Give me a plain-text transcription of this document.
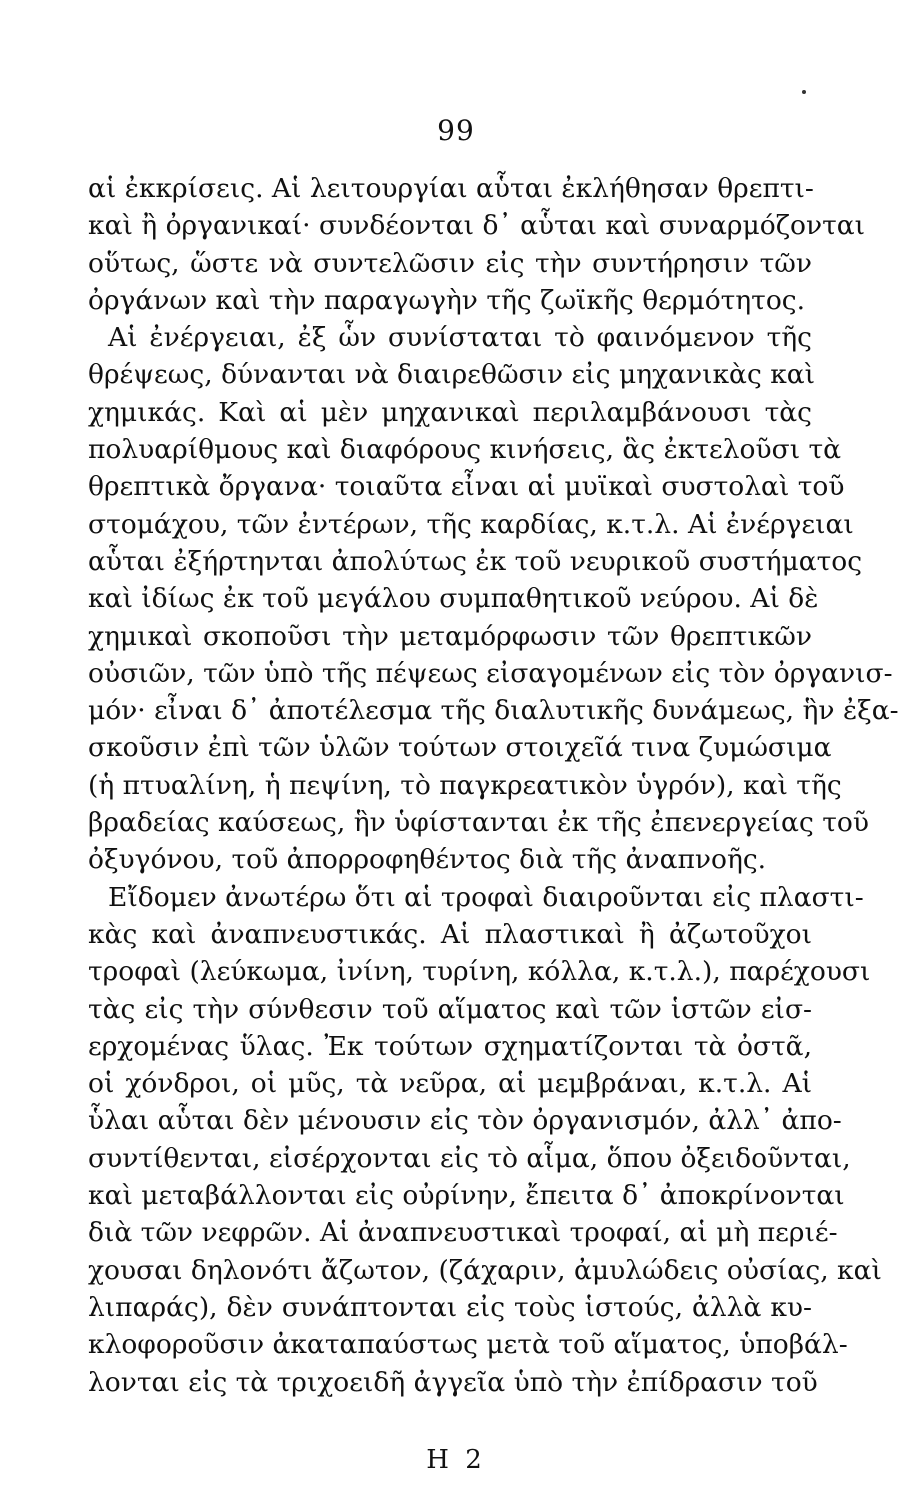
99
αἱ ἐκκρίσεις. Αἱ λειτουργίαι αὗται ἐκλήθησαν θρεπτι-
καὶ ἢ ὀργανικαί· συνδέονται δ᾽ αὗται καὶ συναρμόζονται
οὕτως, ὥστε νὰ συντελῶσιν εἰς τὴν συντήρησιν τῶν
ὀργάνων καὶ τὴν παραγωγὴν τῆς ζωϊκῆς θερμότητος.
Αἱ ἐνέργειαι, ἐξ ὧν συνίσταται τὸ φαινόμενον τῆς
θρέψεως, δύνανται νὰ διαιρεθῶσιν εἰς μηχανικὰς καὶ
χημικάς. Καὶ αἱ μὲν μηχανικαὶ περιλαμβάνουσι τὰς
πολυαρίθμους καὶ διαφόρους κινήσεις, ἃς ἐκτελοῦσι τὰ
θρεπτικὰ ὄργανα· τοιαῦτα εἶναι αἱ μυϊκαὶ συστολαὶ τοῦ
στομάχου, τῶν ἐντέρων, τῆς καρδίας, κ.τ.λ. Αἱ ἐνέργειαι
αὗται ἐξήρτηνται ἀπολύτως ἐκ τοῦ νευρικοῦ συστήματος
καὶ ἰδίως ἐκ τοῦ μεγάλου συμπαθητικοῦ νεύρου. Αἱ δὲ
χημικαὶ σκοποῦσι τὴν μεταμόρφωσιν τῶν θρεπτικῶν
οὐσιῶν, τῶν ὑπὸ τῆς πέψεως εἰσαγομένων εἰς τὸν ὀργανισ-
μόν· εἶναι δ᾽ ἀποτέλεσμα τῆς διαλυτικῆς δυνάμεως, ἣν ἐξα-
σκοῦσιν ἐπὶ τῶν ὑλῶν τούτων στοιχεῖά τινα ζυμώσιμα
(ἡ πτυαλίνη, ἡ πεψίνη, τὸ παγκρεατικὸν ὑγρόν), καὶ τῆς
βραδείας καύσεως, ἣν ὑφίστανται ἐκ τῆς ἐπενεργείας τοῦ
ὀξυγόνου, τοῦ ἀπορροφηθέντος διὰ τῆς ἀναπνοῆς.
Εἴδομεν ἀνωτέρω ὅτι αἱ τροφαὶ διαιροῦνται εἰς πλαστι-
κὰς καὶ ἀναπνευστικάς. Αἱ πλαστικαὶ ἢ ἀζωτοῦχοι
τροφαὶ (λεύκωμα, ἰνίνη, τυρίνη, κόλλα, κ.τ.λ.), παρέχουσι
τὰς εἰς τὴν σύνθεσιν τοῦ αἵματος καὶ τῶν ἱστῶν εἰσ-
ερχομένας ὕλας. Ἐκ τούτων σχηματίζονται τὰ ὀστᾶ,
οἱ χόνδροι, οἱ μῦς, τὰ νεῦρα, αἱ μεμβράναι, κ.τ.λ. Αἱ
ὗλαι αὗται δὲν μένουσιν εἰς τὸν ὀργανισμόν, ἀλλ᾽ ἀπο-
συντίθενται, εἰσέρχονται εἰς τὸ αἷμα, ὅπου ὀξειδοῦνται,
καὶ μεταβάλλονται εἰς οὐρίνην, ἔπειτα δ᾽ ἀποκρίνονται
διὰ τῶν νεφρῶν. Αἱ ἀναπνευστικαὶ τροφαί, αἱ μὴ περιέ-
χουσαι δηλονότι ἄζωτον, (ζάχαριν, ἀμυλώδεις οὐσίας, καὶ
λιπαράς), δὲν συνάπτονται εἰς τοὺς ἱστούς, ἀλλὰ κυ-
κλοφοροῦσιν ἀκαταπαύστως μετὰ τοῦ αἵματος, ὑποβάλ-
λονται εἰς τὰ τριχοειδῆ ἀγγεῖα ὑπὸ τὴν ἐπίδρασιν τοῦ
Η 2
